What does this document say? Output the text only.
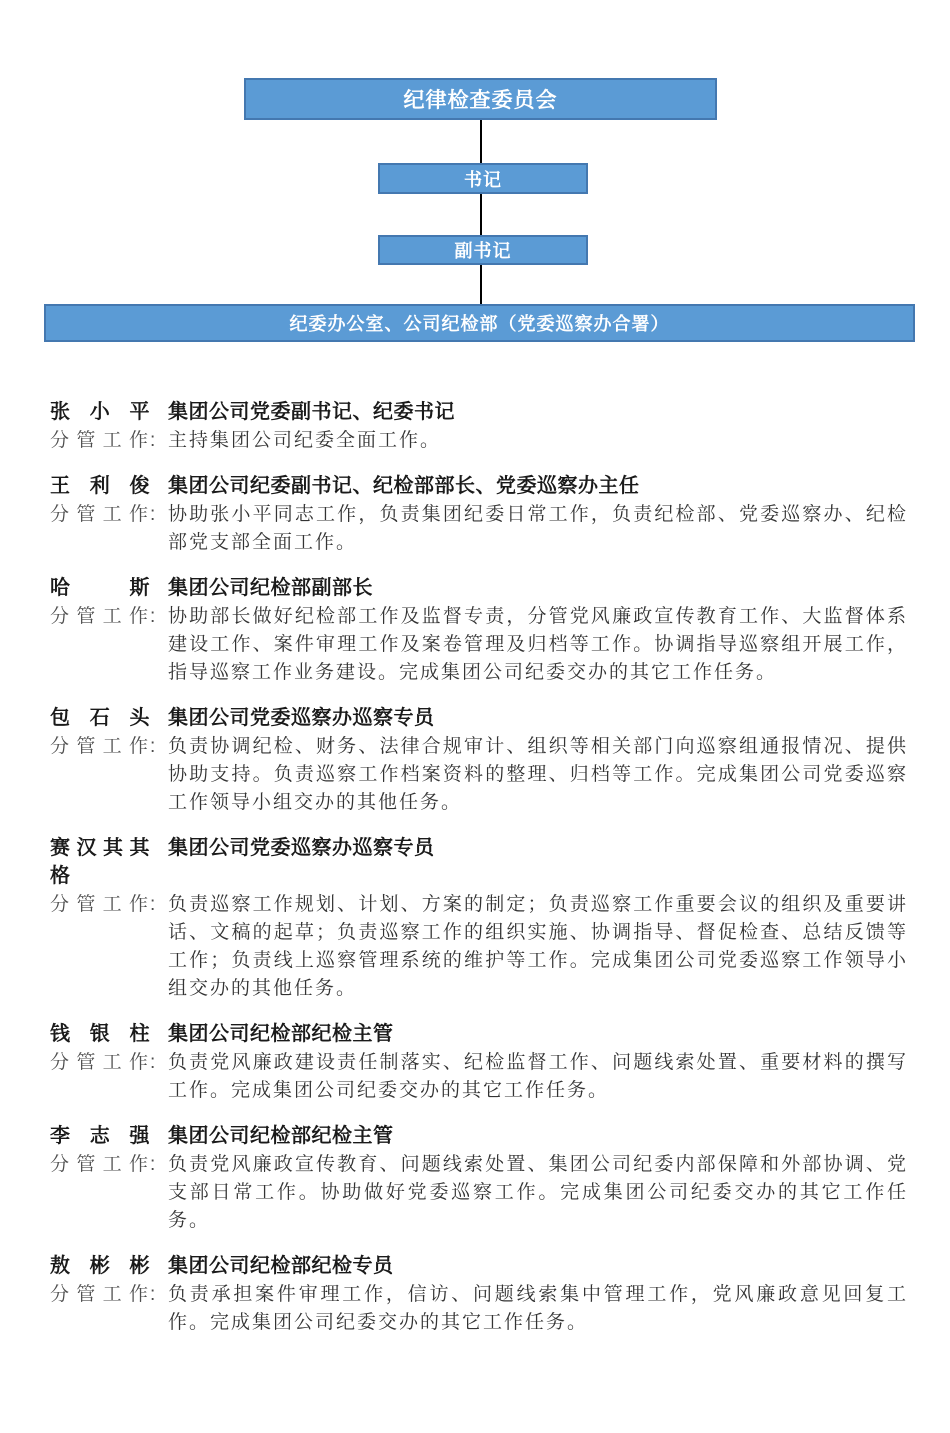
纪律检查委员会
书记
副书记
纪委办公室、公司纪检部（党委巡察办合署）
张小平 集团公司党委副书记、纪委书记
分管工作 : 主持集团公司纪委全面工作。
王利俊 集团公司纪委副书记、纪检部部长、党委巡察办主任
分管工作 : 协助张小平同志工作，负责集团纪委日常工作，负责纪检部、党委巡察办、纪检部党支部全面工作。
哈斯 集团公司纪检部副部长
分管工作 : 协助部长做好纪检部工作及监督专责，分管党风廉政宣传教育工作、大监督体系建设工作、案件审理工作及案卷管理及归档等工作。协调指导巡察组开展工作，指导巡察工作业务建设。完成集团公司纪委交办的其它工作任务。
包石头 集团公司党委巡察办巡察专员
分管工作 : 负责协调纪检、财务、法律合规审计、组织等相关部门向巡察组通报情况、提供协助支持。负责巡察工作档案资料的整理、归档等工作。完成集团公司党委巡察工作领导小组交办的其他任务。
赛汉其其格
集团公司党委巡察办巡察专员
分管工作 : 负责巡察工作规划、计划、方案的制定；负责巡察工作重要会议的组织及重要讲话、文稿的起草；负责巡察工作的组织实施、协调指导、督促检查、总结反馈等工作；负责线上巡察管理系统的维护等工作。完成集团公司党委巡察工作领导小组交办的其他任务。
钱银柱 集团公司纪检部纪检主管
分管工作 : 负责党风廉政建设责任制落实、纪检监督工作、问题线索处置、重要材料的撰写工作。完成集团公司纪委交办的其它工作任务。
李志强 集团公司纪检部纪检主管
分管工作 : 负责党风廉政宣传教育、问题线索处置、集团公司纪委内部保障和外部协调、党支部日常工作。协助做好党委巡察工作。完成集团公司纪委交办的其它工作任务。
敖彬彬 集团公司纪检部纪检专员
分管工作 : 负责承担案件审理工作，信访、问题线索集中管理工作，党风廉政意见回复工作。完成集团公司纪委交办的其它工作任务。
